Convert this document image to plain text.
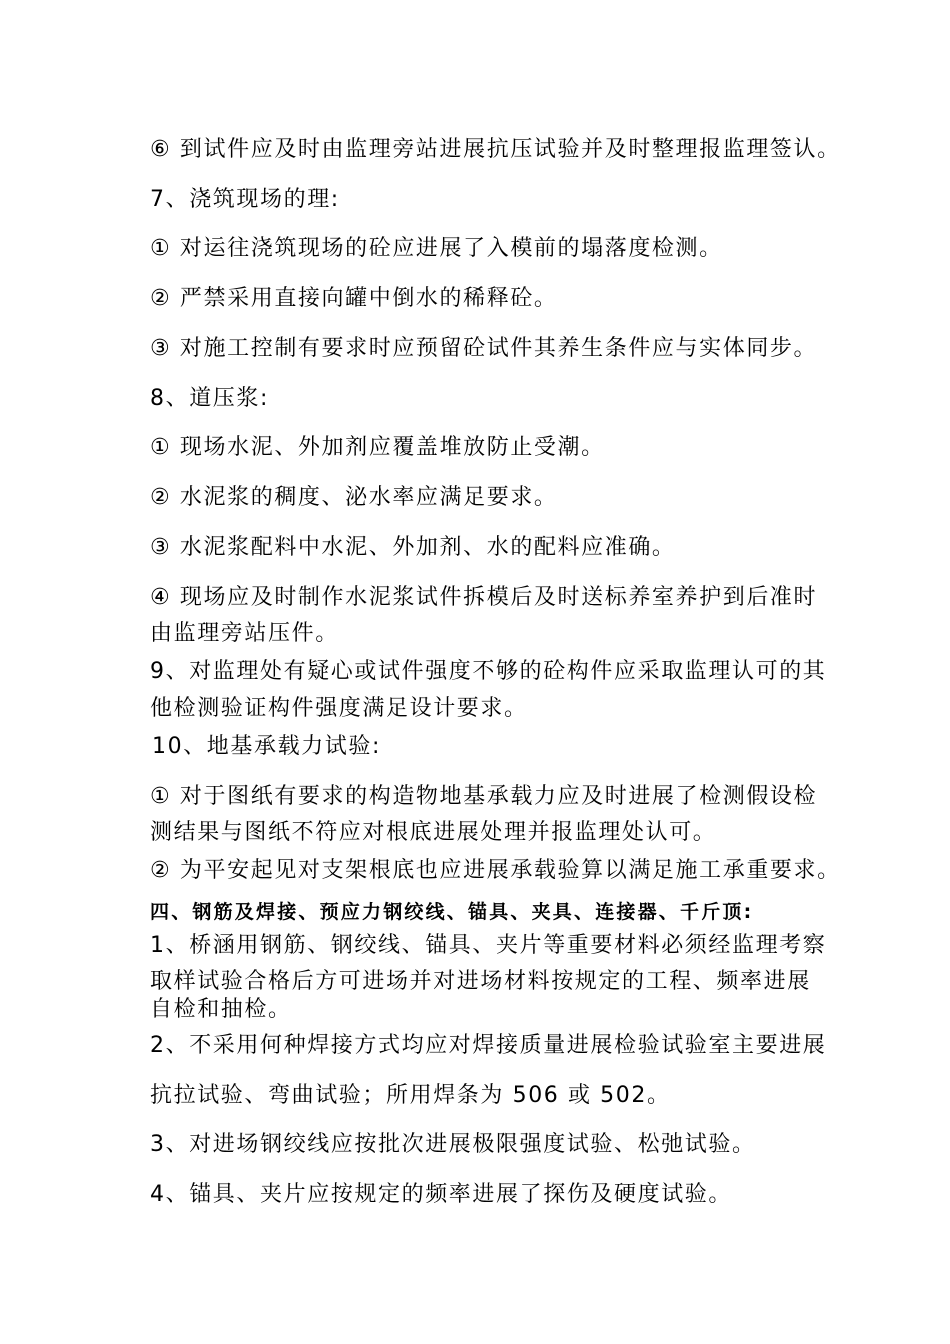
⑥ 到试件应及时由监理旁站进展抗压试验并及时整理报监理签认。

7、浇筑现场的理:

① 对运往浇筑现场的砼应进展了入模前的塌落度检测。

② 严禁采用直接向罐中倒水的稀释砼。

③ 对施工控制有要求时应预留砼试件其养生条件应与实体同步。

8、道压浆:

① 现场水泥、外加剂应覆盖堆放防止受潮。

② 水泥浆的稠度、泌水率应满足要求。

③ 水泥浆配料中水泥、外加剂、水的配料应准确。

④ 现场应及时制作水泥浆试件拆模后及时送标养室养护到后准时

由监理旁站压件。

9、对监理处有疑心或试件强度不够的砼构件应采取监理认可的其

他检测验证构件强度满足设计要求。

10、地基承载力试验:

① 对于图纸有要求的构造物地基承载力应及时进展了检测假设检

测结果与图纸不符应对根底进展处理并报监理处认可。

② 为平安起见对支架根底也应进展承载验算以满足施工承重要求。

四、钢筋及焊接、预应力钢绞线、锚具、夹具、连接器、千斤顶:

1、桥涵用钢筋、钢绞线、锚具、夹片等重要材料必须经监理考察

取样试验合格后方可进场并对进场材料按规定的工程、频率进展

自检和抽检。

2、不采用何种焊接方式均应对焊接质量进展检验试验室主要进展

抗拉试验、弯曲试验；所用焊条为 506 或 502。

3、对进场钢绞线应按批次进展极限强度试验、松弛试验。

4、锚具、夹片应按规定的频率进展了探伤及硬度试验。
